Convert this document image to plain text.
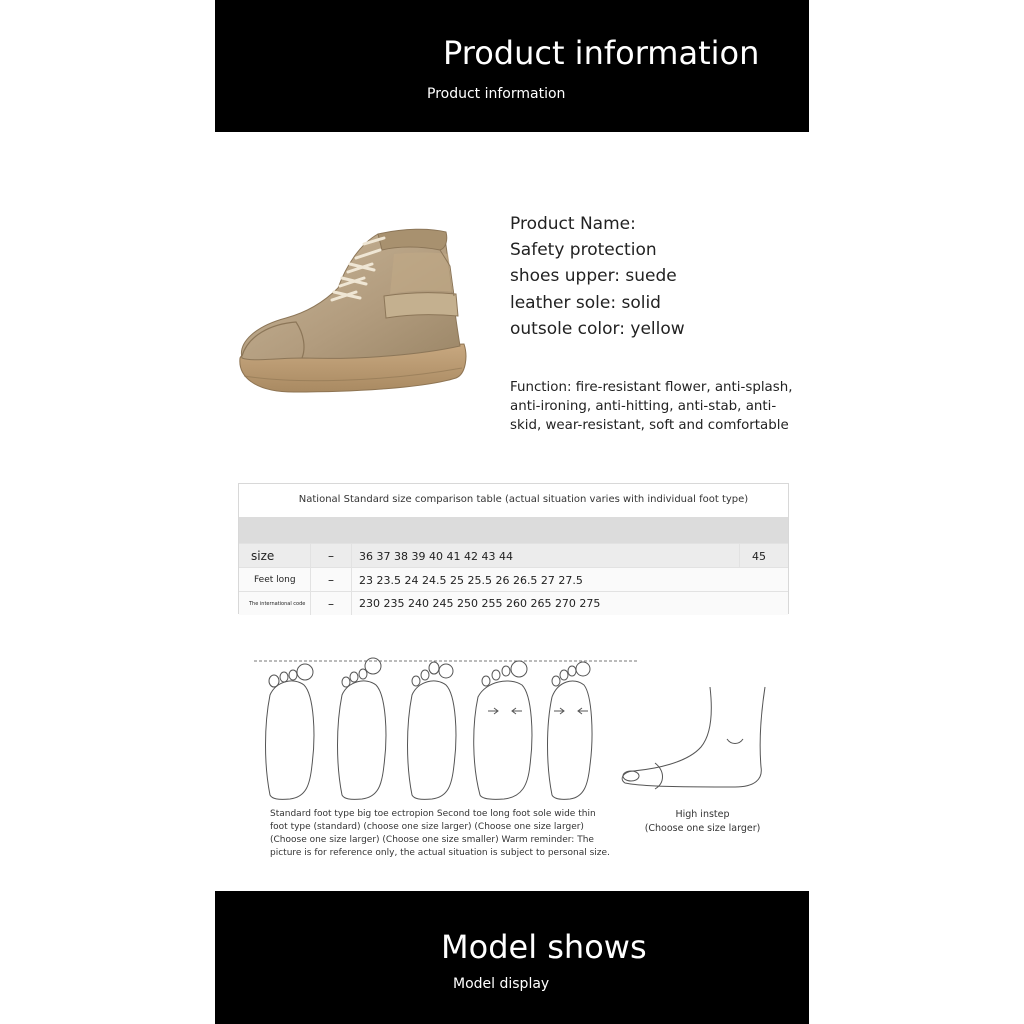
Product information
Product information
Product Name:
Safety protection
shoes upper: suede
leather sole: solid
outsole color: yellow
Function: fire-resistant flower, anti-splash, anti-ironing, anti-hitting, anti-stab, anti-skid, wear-resistant, soft and comfortable
National Standard size comparison table (actual situation varies with individual foot type)
size	–	36 37 38 39 40 41 42 43 44	45
Feet long	–	23 23.5 24 24.5 25 25.5 26 26.5 27 27.5
The international code	–	230 235 240 245 250 255 260 265 270 275
Standard foot type big toe ectropion Second toe long foot sole wide thin foot type (standard) (choose one size larger) (Choose one size larger) (Choose one size larger) (Choose one size smaller) Warm reminder: The picture is for reference only, the actual situation is subject to personal size.
High instep
(Choose one size larger)
Model shows
Model display
